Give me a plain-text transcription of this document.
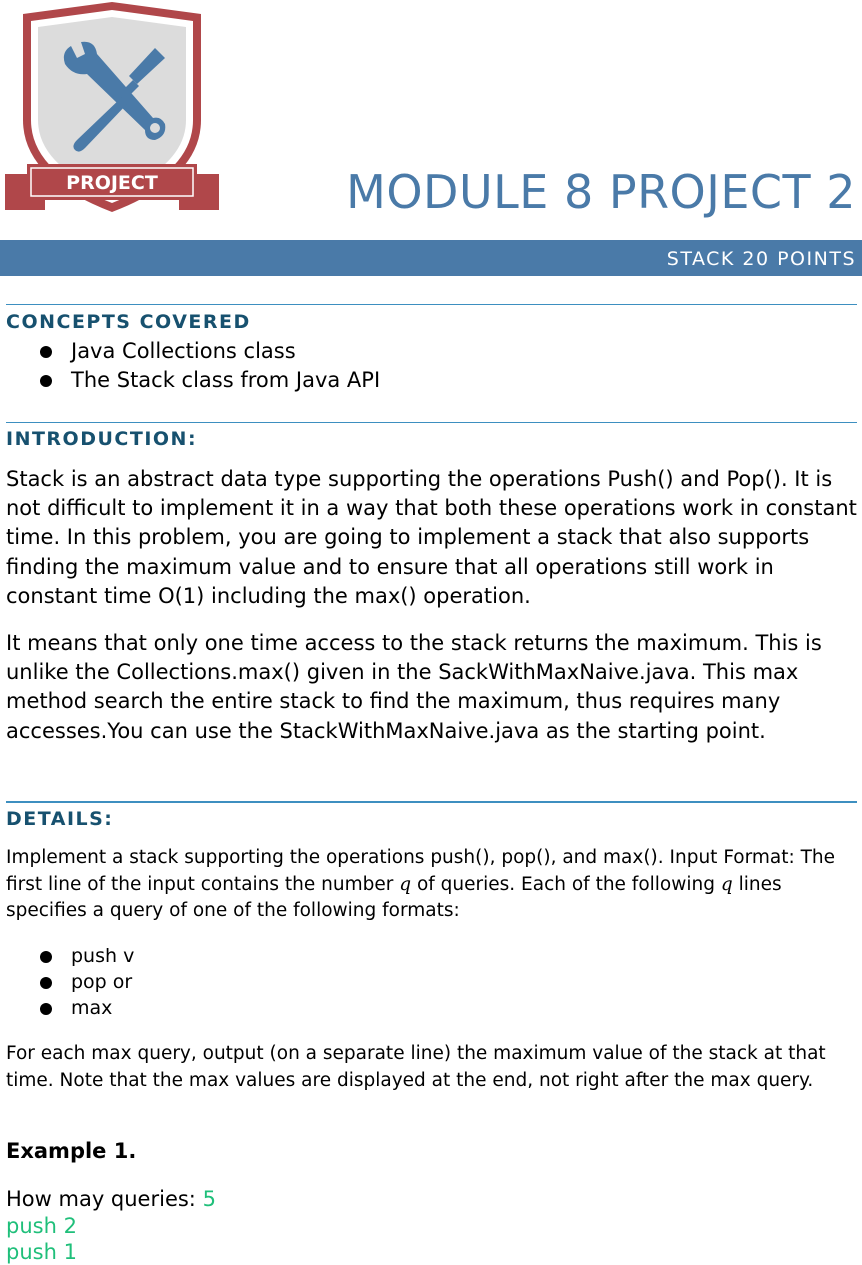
PROJECT	MODULE 8 PROJECT 2
STACK 20 POINTS
CONCEPTS COVERED
Java Collections class
The Stack class from Java API
INTRODUCTION:

Stack is an abstract data type supporting the operations Push() and Pop(). It is not difficult to implement it in a way that both these operations work in constant time. In this problem, you are going to implement a stack that also supports finding the maximum value and to ensure that all operations still work in constant time O(1) including the max() operation.

It means that only one time access to the stack returns the maximum. This is unlike the Collections.max() given in the SackWithMaxNaive.java. This max method search the entire stack to find the maximum, thus requires many accesses.You can use the StackWithMaxNaive.java as the starting point.

DETAILS:

Implement a stack supporting the operations push(), pop(), and max(). Input Format: The first line of the input contains the number q of queries. Each of the following q lines specifies a query of one of the following formats:

push v
pop or
max

For each max query, output (on a separate line) the maximum value of the stack at that time. Note that the max values are displayed at the end, not right after the max query.

Example 1.
How may queries: 5
push 2
push 1
